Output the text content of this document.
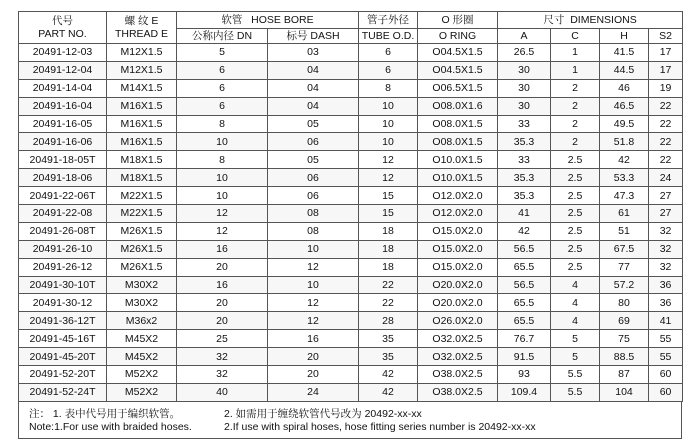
代号
PART NO.	螺 纹 E
THREAD E	软管 HOSE BORE		管子外径	O 形圈	尺寸 DIMENSIONS			
		公称内径 DN	标号 DASH	TUBE O.D.	O RING	A	C	H	S2
20491-12-03	M12X1.5	5	03	6	O04.5X1.5	26.5	1	41.5	17
20491-12-04	M12X1.5	6	04	6	O04.5X1.5	30	1	44.5	17
20491-14-04	M14X1.5	6	04	8	O06.5X1.5	30	2	46	19
20491-16-04	M16X1.5	6	04	10	O08.0X1.6	30	2	46.5	22
20491-16-05	M16X1.5	8	05	10	O08.0X1.5	33	2	49.5	22
20491-16-06	M16X1.5	10	06	10	O08.0X1.5	35.3	2	51.8	22
20491-18-05T	M18X1.5	8	05	12	O10.0X1.5	33	2.5	42	22
20491-18-06	M18X1.5	10	06	12	O10.0X1.5	35.3	2.5	53.3	24
20491-22-06T	M22X1.5	10	06	15	O12.0X2.0	35.3	2.5	47.3	27
20491-22-08	M22X1.5	12	08	15	O12.0X2.0	41	2.5	61	27
20491-26-08T	M26X1.5	12	08	18	O15.0X2.0	42	2.5	51	32
20491-26-10	M26X1.5	16	10	18	O15.0X2.0	56.5	2.5	67.5	32
20491-26-12	M26X1.5	20	12	18	O15.0X2.0	65.5	2.5	77	32
20491-30-10T	M30X2	16	10	22	O20.0X2.0	56.5	4	57.2	36
20491-30-12	M30X2	20	12	22	O20.0X2.0	65.5	4	80	36
20491-36-12T	M36x2	20	12	28	O26.0X2.0	65.5	4	69	41
20491-45-16T	M45X2	25	16	35	O32.0X2.5	76.7	5	75	55
20491-45-20T	M45X2	32	20	35	O32.0X2.5	91.5	5	88.5	55
20491-52-20T	M52X2	32	20	42	O38.0X2.5	93	5.5	87	60
20491-52-24T	M52X2	40	24	42	O38.0X2.5	109.4	5.5	104	60
注： 1. 表中代号用于编织软管。	2. 如需用于缠绕软管代号改为 20492-xx-xx
Note:1.For use with braided hoses.	2.If use with spiral hoses, hose fitting series number is 20492-xx-xx
